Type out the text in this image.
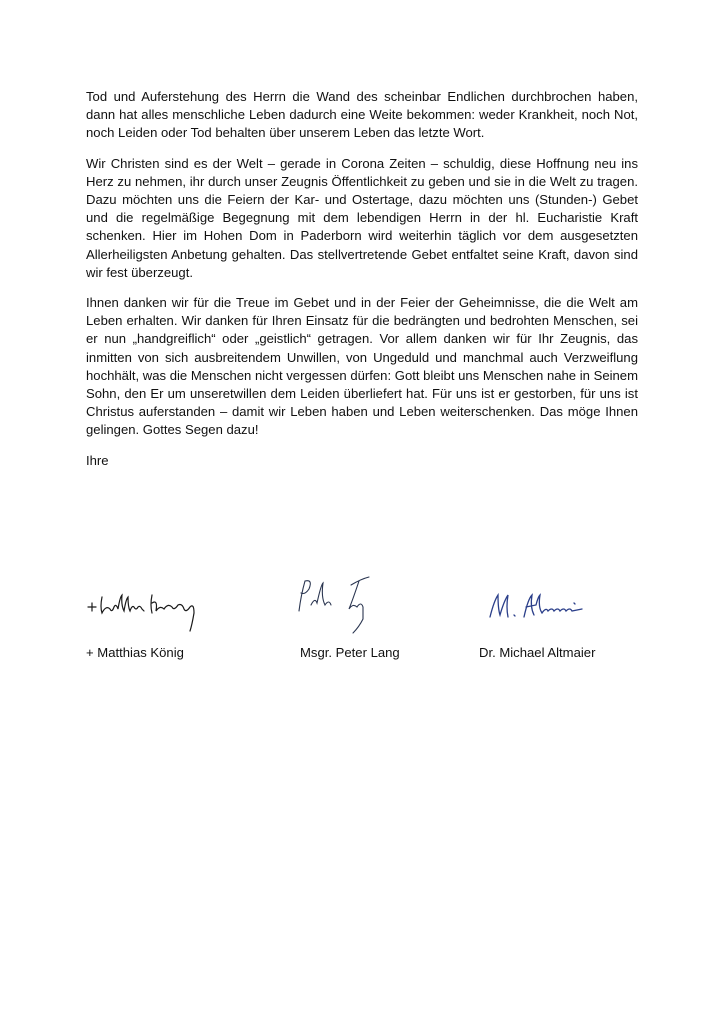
Tod und Auferstehung des Herrn die Wand des scheinbar Endlichen durchbrochen haben, dann hat alles menschliche Leben dadurch eine Weite bekommen: weder Krankheit, noch Not, noch Leiden oder Tod behalten über unserem Leben das letzte Wort.

Wir Christen sind es der Welt – gerade in Corona Zeiten – schuldig, diese Hoffnung neu ins Herz zu nehmen, ihr durch unser Zeugnis Öffentlichkeit zu geben und sie in die Welt zu tragen. Dazu möchten uns die Feiern der Kar- und Ostertage, dazu möchten uns (Stunden-) Gebet und die regelmäßige Begegnung mit dem lebendigen Herrn in der hl. Eucharistie Kraft schenken. Hier im Hohen Dom in Paderborn wird weiterhin täglich vor dem ausgesetzten Allerheiligsten Anbetung gehalten. Das stellvertretende Gebet entfaltet seine Kraft, davon sind wir fest überzeugt.

Ihnen danken wir für die Treue im Gebet und in der Feier der Geheimnisse, die die Welt am Leben erhalten. Wir danken für Ihren Einsatz für die bedrängten und bedrohten Menschen, sei er nun „handgreiflich“ oder „geistlich“ getragen. Vor allem danken wir für Ihr Zeugnis, das inmitten von sich ausbreitendem Unwillen, von Ungeduld und manchmal auch Verzweiflung hochhält, was die Menschen nicht vergessen dürfen: Gott bleibt uns Menschen nahe in Seinem Sohn, den Er um unseretwillen dem Leiden überliefert hat. Für uns ist er gestorben, für uns ist Christus auferstanden – damit wir Leben haben und Leben weiterschenken. Das möge Ihnen gelingen. Gottes Segen dazu!

Ihre

+ Matthias König	Msgr. Peter Lang	Dr. Michael Altmaier
